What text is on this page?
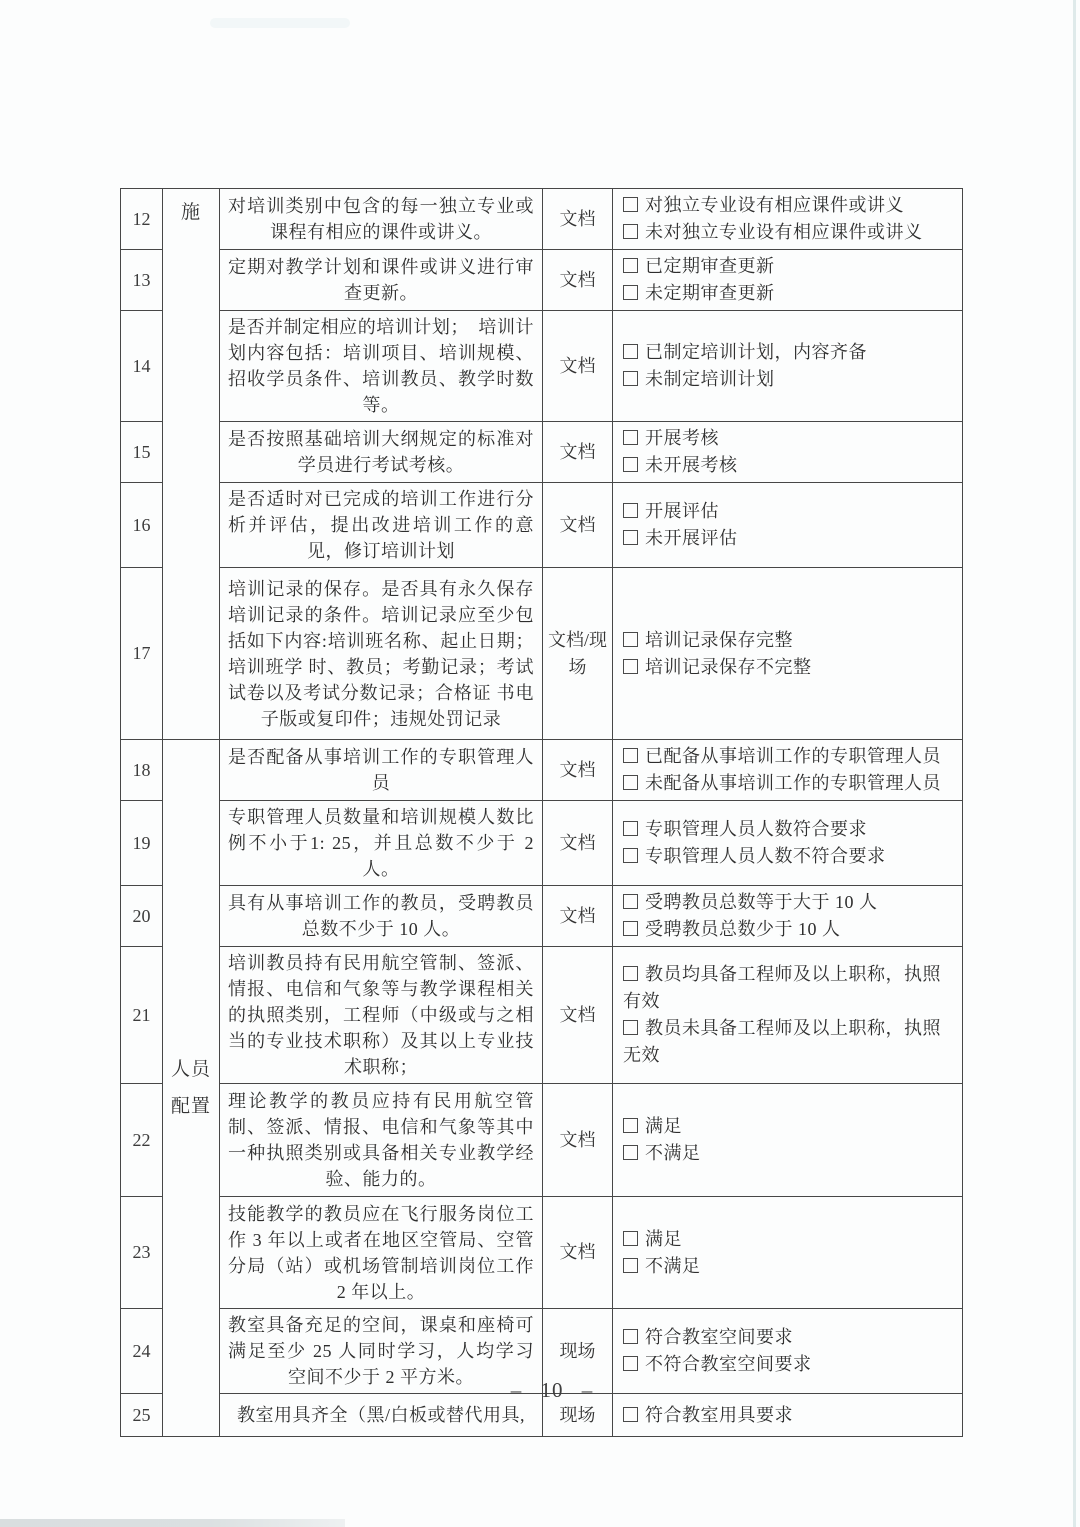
12	施	对培训类别中包含的每一独立专业或课程有相应的课件或讲义。	文档	对独立专业设有相应课件或讲义
未对独立专业设有相应课件或讲义

13		定期对教学计划和课件或讲义进行审查更新。	文档	已定期审查更新
未定期审查更新

14		是否并制定相应的培训计划；　培训计划内容包括：培训项目、培训规模、招收学员条件、培训教员、教学时数等。	文档	已制定培训计划，内容齐备
未制定培训计划

15		是否按照基础培训大纲规定的标准对学员进行考试考核。	文档	开展考核
未开展考核

16		是否适时对已完成的培训工作进行分析并评估，提出改进培训工作的意见，修订培训计划	文档	开展评估
未开展评估

17		培训记录的保存。是否具有永久保存培训记录的条件。培训记录应至少包括如下内容:培训班名称、起止日期；培训班学 时、教员；考勤记录；考试试卷以及考试分数记录；合格证 书电子版或复印件；违规处罚记录	文档/现场	培训记录保存完整
培训记录保存不完整

18	人员配置	是否配备从事培训工作的专职管理人员	文档	已配备从事培训工作的专职管理人员
未配备从事培训工作的专职管理人员

19		专职管理人员数量和培训规模人数比例不小于1: 25，并且总数不少于 2 人。	文档	专职管理人员人数符合要求
专职管理人员人数不符合要求

20		具有从事培训工作的教员，受聘教员总数不少于 10 人。	文档	受聘教员总数等于大于 10 人
受聘教员总数少于 10 人

21		培训教员持有民用航空管制、签派、情报、电信和气象等与教学课程相关的执照类别，工程师（中级或与之相当的专业技术职称）及其以上专业技术职称；	文档	教员均具备工程师及以上职称，执照有效
教员未具备工程师及以上职称，执照无效

22		理论教学的教员应持有民用航空管制、签派、情报、电信和气象等其中一种执照类别或具备相关专业教学经验、能力的。	文档	满足
不满足

23		技能教学的教员应在飞行服务岗位工作 3 年以上或者在地区空管局、空管分局（站）或机场管制培训岗位工作 2 年以上。	文档	满足
不满足

24		教室具备充足的空间，课桌和座椅可满足至少 25 人同时学习，人均学习空间不少于 2 平方米。	现场	符合教室空间要求
不符合教室空间要求

25		教室用具齐全（黑/白板或替代用具,	现场	符合教室用具要求
– 10 –
